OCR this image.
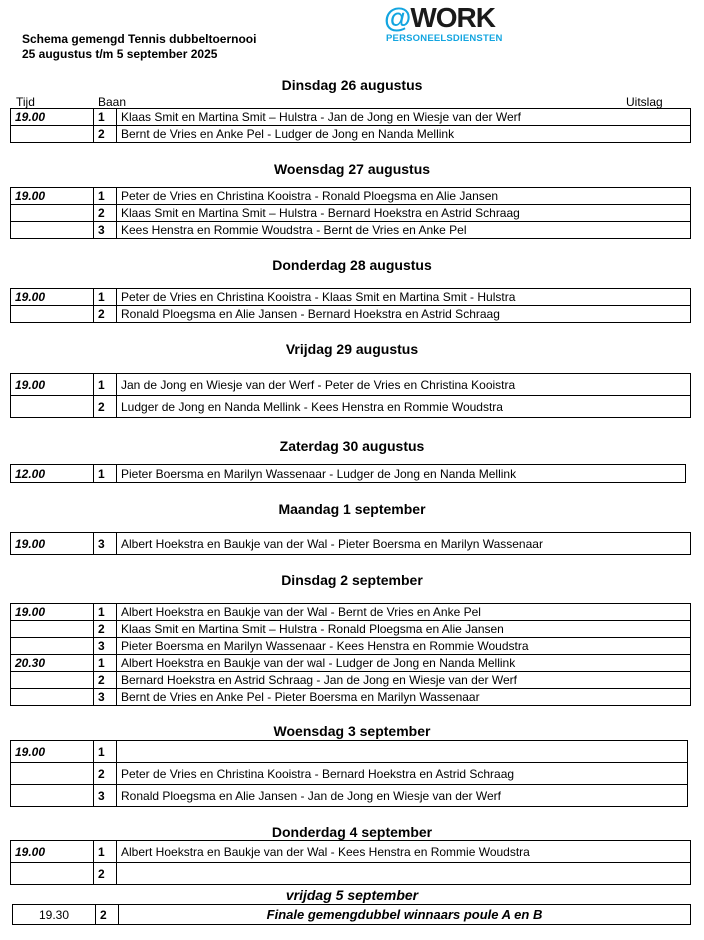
Schema gemengd Tennis dubbeltoernooi
25 augustus t/m 5 september 2025
@WORK
PERSONEELSDIENSTEN
Dinsdag 26 augustus
Tijd	Baan	Uitslag
19.00	1	Klaas Smit en Martina Smit – Hulstra - Jan de Jong en Wiesje van der Werf
	2	Bernt de Vries en Anke Pel - Ludger de Jong en Nanda Mellink
Woensdag 27 augustus
19.00	1	Peter de Vries en Christina Kooistra - Ronald Ploegsma en Alie Jansen
	2	Klaas Smit en Martina Smit – Hulstra - Bernard Hoekstra en Astrid Schraag
	3	Kees Henstra en Rommie Woudstra - Bernt de Vries en Anke Pel
Donderdag 28 augustus
19.00	1	Peter de Vries en Christina Kooistra - Klaas Smit en Martina Smit - Hulstra
	2	Ronald Ploegsma en Alie Jansen - Bernard Hoekstra en Astrid Schraag
Vrijdag 29 augustus
19.00	1	Jan de Jong en Wiesje van der Werf - Peter de Vries en Christina Kooistra
	2	Ludger de Jong en Nanda Mellink - Kees Henstra en Rommie Woudstra
Zaterdag 30 augustus
12.00	1	Pieter Boersma en Marilyn Wassenaar - Ludger de Jong en Nanda Mellink
Maandag 1 september
19.00	3	Albert Hoekstra en Baukje van der Wal - Pieter Boersma en Marilyn Wassenaar
Dinsdag 2 september
19.00	1	Albert Hoekstra en Baukje van der Wal - Bernt de Vries en Anke Pel
	2	Klaas Smit en Martina Smit – Hulstra - Ronald Ploegsma en Alie Jansen
	3	Pieter Boersma en Marilyn Wassenaar - Kees Henstra en Rommie Woudstra
20.30	1	Albert Hoekstra en Baukje van der wal - Ludger de Jong en Nanda Mellink
	2	Bernard Hoekstra en Astrid Schraag - Jan de Jong en Wiesje van der Werf
	3	Bernt de Vries en Anke Pel - Pieter Boersma en Marilyn Wassenaar
Woensdag 3 september
19.00	1	
	2	Peter de Vries en Christina Kooistra - Bernard Hoekstra en Astrid Schraag
	3	Ronald Ploegsma en Alie Jansen - Jan de Jong en Wiesje van der Werf
Donderdag 4 september
19.00	1	Albert Hoekstra en Baukje van der Wal - Kees Henstra en Rommie Woudstra
	2	
vrijdag 5 september
19.30	2	Finale gemengdubbel winnaars poule A en B
